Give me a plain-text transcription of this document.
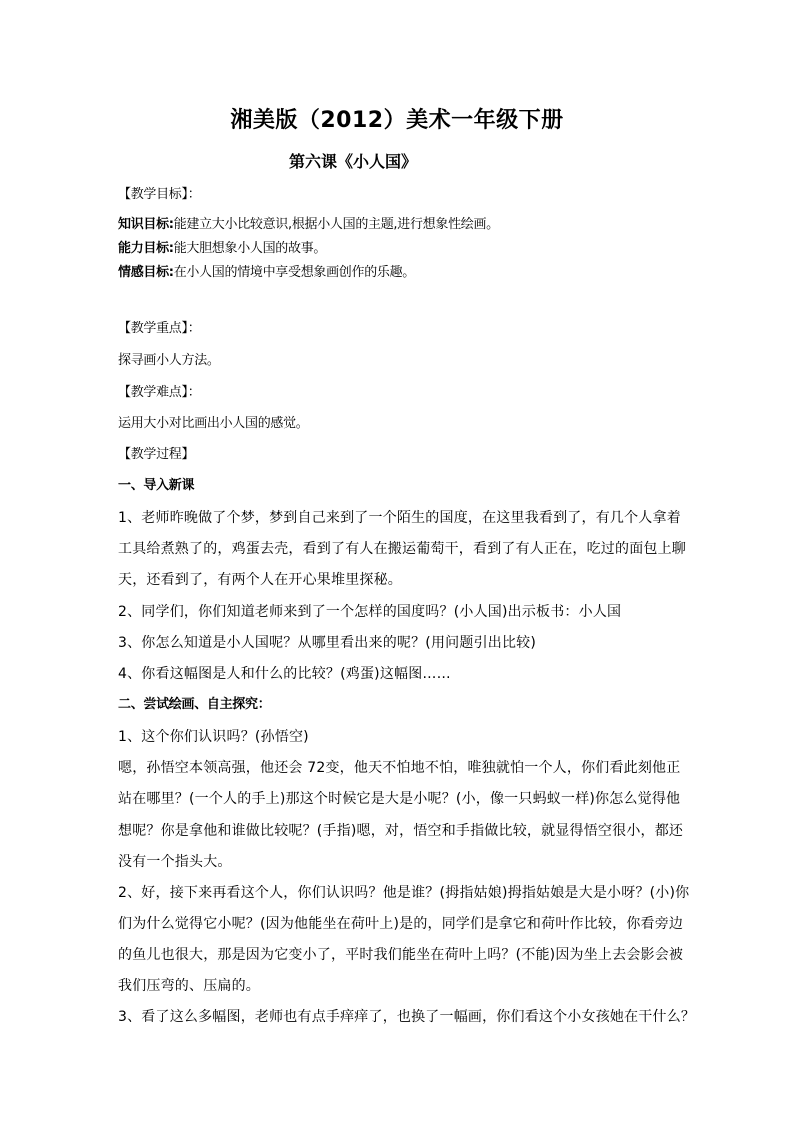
湘美版（2012）美术一年级下册
第六课《小人国》
【教学目标】：
知识目标:能建立大小比较意识,根据小人国的主题,进行想象性绘画。
能力目标:能大胆想象小人国的故事。
情感目标:在小人国的情境中享受想象画创作的乐趣。
【教学重点】：
探寻画小人方法。
【教学难点】：
运用大小对比画出小人国的感觉。
【教学过程】
一、导入新课
1、老师昨晚做了个梦，梦到自己来到了一个陌生的国度，在这里我看到了，有几个人拿着
工具给煮熟了的，鸡蛋去壳，看到了有人在搬运葡萄干，看到了有人正在，吃过的面包上聊
天，还看到了，有两个人在开心果堆里探秘。
2、同学们，你们知道老师来到了一个怎样的国度吗？(小人国)出示板书：小人国
3、你怎么知道是小人国呢？从哪里看出来的呢？(用问题引出比较)
4、你看这幅图是人和什么的比较？(鸡蛋)这幅图……
二、尝试绘画、自主探究：
1、这个你们认识吗？(孙悟空)
嗯，孙悟空本领高强，他还会 72变，他天不怕地不怕，唯独就怕一个人，你们看此刻他正
站在哪里？(一个人的手上)那这个时候它是大是小呢？(小，像一只蚂蚁一样)你怎么觉得他
想呢？你是拿他和谁做比较呢？(手指)嗯，对，悟空和手指做比较，就显得悟空很小，都还
没有一个指头大。
2、好，接下来再看这个人，你们认识吗？他是谁？(拇指姑娘)拇指姑娘是大是小呀？(小)你
们为什么觉得它小呢？(因为他能坐在荷叶上)是的，同学们是拿它和荷叶作比较，你看旁边
的鱼儿也很大，那是因为它变小了，平时我们能坐在荷叶上吗？(不能)因为坐上去会影会被
我们压弯的、压扁的。
3、看了这么多幅图，老师也有点手痒痒了，也换了一幅画，你们看这个小女孩她在干什么？
